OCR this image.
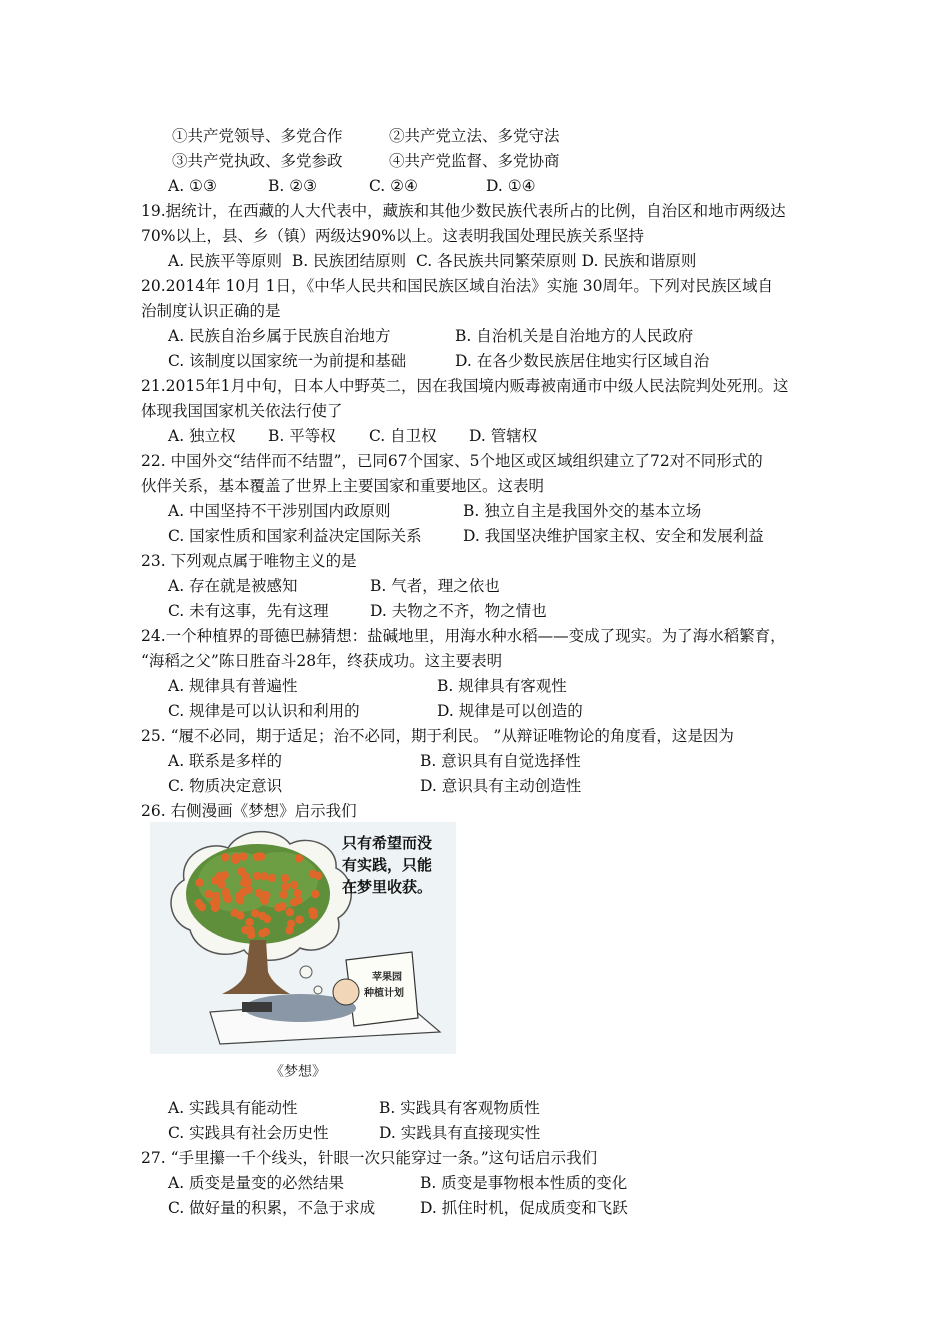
①共产党领导、多党合作	②共产党立法、多党守法
③共产党执政、多党参政	④共产党监督、多党协商
A. ①③	B. ②③	C. ②④	D. ①④
19.据统计，在西藏的人大代表中，藏族和其他少数民族代表所占的比例，自治区和地市两级达
70%以上，县、乡（镇）两级达90%以上。这表明我国处理民族关系坚持
A. 民族平等原则  B. 民族团结原则  C. 各民族共同繁荣原则 D. 民族和谐原则
20.2014年 10月 1日，《中华人民共和国民族区域自治法》实施 30周年。下列对民族区域自
治制度认识正确的是
A. 民族自治乡属于民族自治地方	B. 自治机关是自治地方的人民政府
C. 该制度以国家统一为前提和基础	D. 在各少数民族居住地实行区域自治
21.2015年1月中旬，日本人中野英二，因在我国境内贩毒被南通市中级人民法院判处死刑。这
体现我国国家机关依法行使了
A. 独立权 B. 平等权 C. 自卫权 D. 管辖权
22. 中国外交“结伴而不结盟”，已同67个国家、5个地区或区域组织建立了72对不同形式的
伙伴关系，基本覆盖了世界上主要国家和重要地区。这表明
A. 中国坚持不干涉别国内政原则	B. 独立自主是我国外交的基本立场
C. 国家性质和国家利益决定国际关系	D. 我国坚决维护国家主权、安全和发展利益
23. 下列观点属于唯物主义的是
A. 存在就是被感知	B. 气者，理之依也
C. 未有这事，先有这理	D. 夫物之不齐，物之情也
24.一个种植界的哥德巴赫猜想：盐碱地里，用海水种水稻——变成了现实。为了海水稻繁育，
“海稻之父”陈日胜奋斗28年，终获成功。这主要表明
A. 规律具有普遍性	B. 规律具有客观性
C. 规律是可以认识和利用的	D. 规律是可以创造的
25. “履不必同，期于适足；治不必同，期于利民。 ”从辩证唯物论的角度看，这是因为
A. 联系是多样的	B. 意识具有自觉选择性
C. 物质决定意识	D. 意识具有主动创造性
26. 右侧漫画《梦想》启示我们
只有希望而没
有实践，只能
在梦里收获。
苹果园
种植计划
《梦想》
A. 实践具有能动性	B. 实践具有客观物质性
C. 实践具有社会历史性	D. 实践具有直接现实性
27. “手里攥一千个线头，针眼一次只能穿过一条。”这句话启示我们
A. 质变是量变的必然结果	B. 质变是事物根本性质的变化
C. 做好量的积累，不急于求成	D. 抓住时机，促成质变和飞跃
